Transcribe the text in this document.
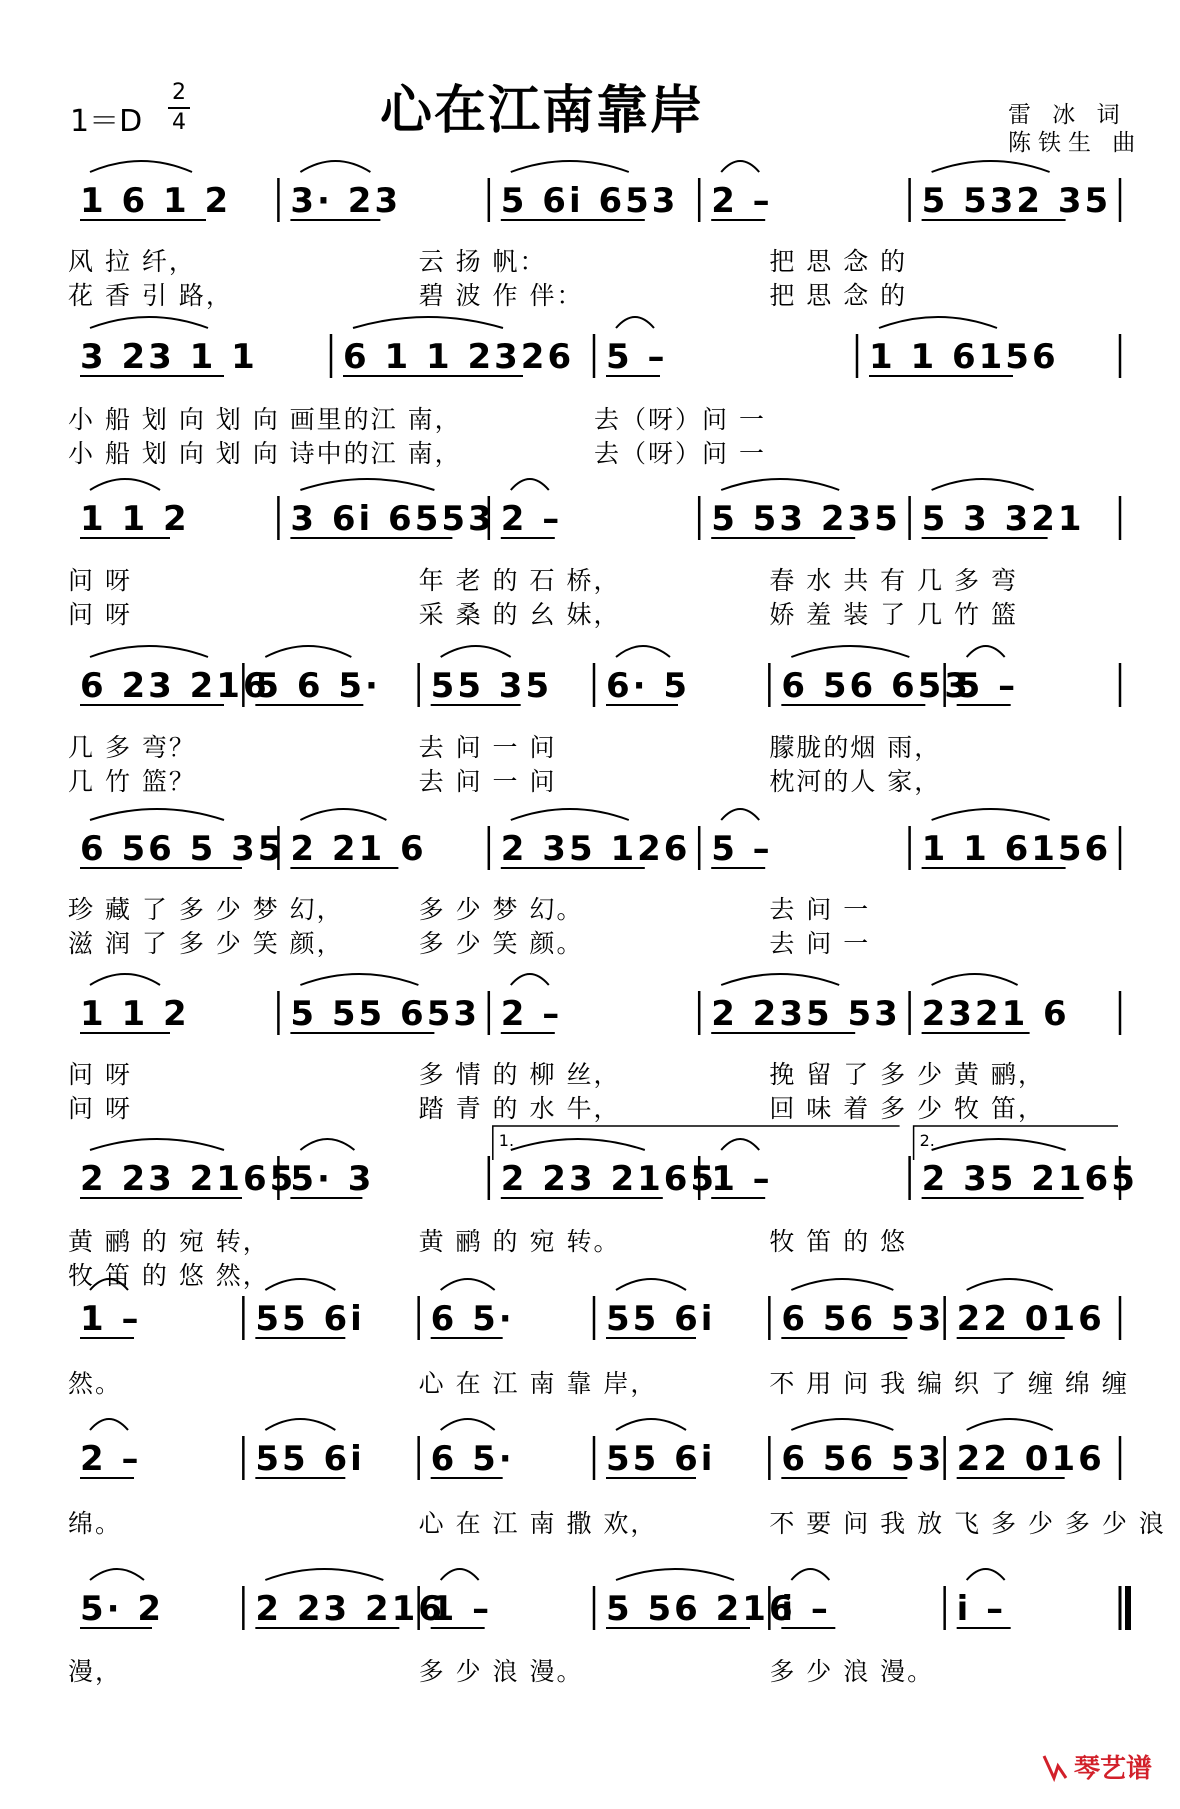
心在江南靠岸
1＝D
2
4	雷 冰 词
陈铁生 曲
1 6 1 2 3· 23	5 6i 653 2 –	5 532 35
风 拉 纤，	云 扬 帆：	把 思 念 的
花 香 引 路，	碧 波 作 伴：	把 思 念 的
3 23 1 1	6 1 1 2326 5 –	1 1 6156
小 船 划 向 划 向 画里的江 南，	去（呀）问 一
小 船 划 向 划 向 诗中的江 南，	去（呀）问 一
1 1 2	3 6i 6553 2 –	5 53 235 5 3 321
问 呀	年 老 的 石 桥，	春 水 共 有 几 多 弯
问 呀	采 桑 的 幺 妹，	娇 羞 装 了 几 竹 篮
6 23 216
5 6 5· 55 35 6· 5	6 56 653
5 –
几 多 弯？	去 问 一 问	朦胧的烟 雨，
几 竹 篮？	去 问 一 问	枕河的人 家，
6 56 5 35 2 21 6 2 35 126 5 –	1 1 6156
珍 藏 了 多 少 梦 幻，	多 少 梦 幻。	去 问 一
滋 润 了 多 少 笑 颜，	多 少 笑 颜。	去 问 一
1 1 2	5 55 653 2 –	2 235 53 2321 6
问 呀	多 情 的 柳 丝，	挽 留 了 多 少 黄 鹂，
问 呀	踏 青 的 水 牛，	回 味 着 多 少 牧 笛，
2 23 2165
5· 3	2 23 2165
1 –	2 35 2165
1.	2.
黄 鹂 的 宛 转，	黄 鹂 的 宛 转。	牧 笛 的 悠
牧 笛 的 悠 然，
1 –	55 6i 6 5·	55 6i 6 56 53 22 016
然。	心 在 江 南 靠 岸，	不 用 问 我 编 织 了 缠 绵 缠
2 –	55 6i 6 5·	55 6i 6 56 53 22 016
绵。	心 在 江 南 撒 欢，	不 要 问 我 放 飞 多 少 多 少 浪
5· 2	2 23 216
1 –	5 56 216
i –	i –
漫，	多 少 浪 漫。	多 少 浪 漫。
琴艺谱
